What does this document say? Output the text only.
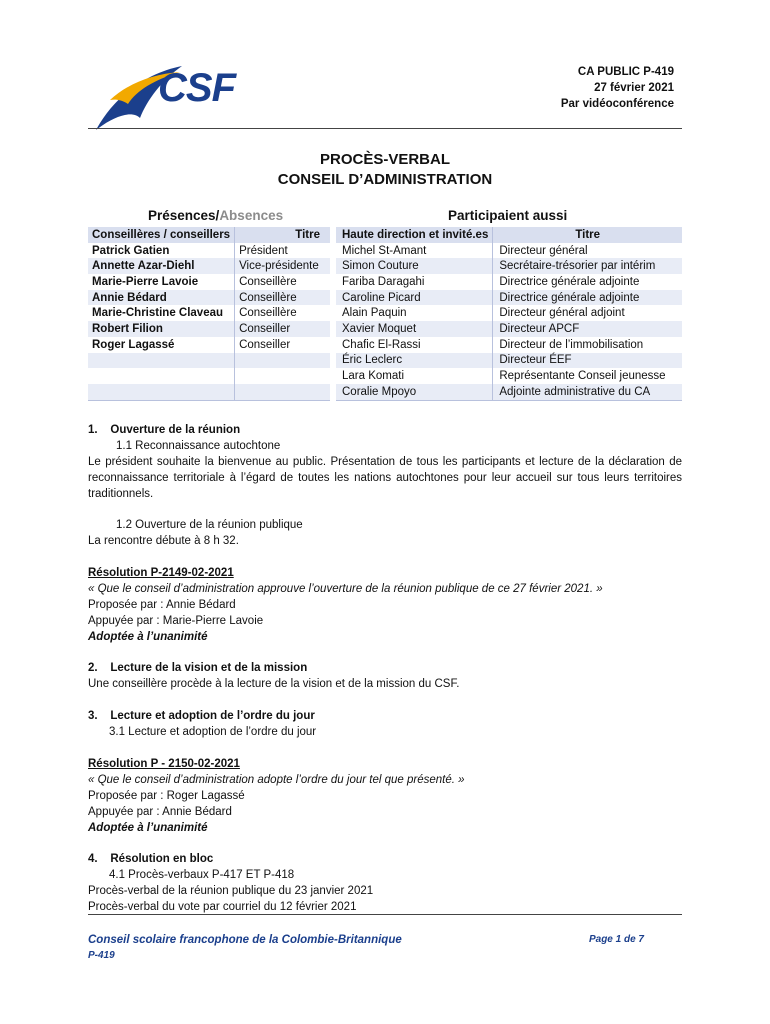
CSF	CA PUBLIC P-419
27 février 2021
Par vidéoconférence
PROCÈS-VERBAL
CONSEIL D’ADMINISTRATION
Présences/Absences	Participaient aussi
Conseillères / conseillers	Titre
Patrick Gatien	Président
Annette Azar-Diehl	Vice-présidente
Marie-Pierre Lavoie	Conseillère
Annie Bédard	Conseillère
Marie-Christine Claveau	Conseillère
Robert Filion	Conseiller
Roger Lagassé	Conseiller

Haute direction et invité.es	Titre
Michel St-Amant	Directeur général
Simon Couture	Secrétaire-trésorier par intérim
Fariba Daragahi	Directrice générale adjointe
Caroline Picard	Directrice générale adjointe
Alain Paquin	Directeur général adjoint
Xavier Moquet	Directeur APCF
Chafic El-Rassi	Directeur de l’immobilisation
Éric Leclerc	Directeur ÉEF
Lara Komati	Représentante Conseil jeunesse
Coralie Mpoyo	Adjointe administrative du CA
1.    Ouverture de la réunion
1.1 Reconnaissance autochtone
Le président souhaite la bienvenue au public. Présentation de tous les participants et lecture de la déclaration de reconnaissance territoriale à l’égard de toutes les nations autochtones pour leur accueil sur tous leurs territoires traditionnels.
1.2 Ouverture de la réunion publique
La rencontre débute à 8 h 32.
Résolution P-2149-02-2021
« Que le conseil d’administration approuve l’ouverture de la réunion publique de ce 27 février 2021. »
Proposée par : Annie Bédard
Appuyée par : Marie-Pierre Lavoie
Adoptée à l’unanimité
2.    Lecture de la vision et de la mission
Une conseillère procède à la lecture de la vision et de la mission du CSF.
3.    Lecture et adoption de l’ordre du jour
3.1 Lecture et adoption de l’ordre du jour
Résolution P - 2150-02-2021
« Que le conseil d’administration adopte l’ordre du jour tel que présenté. »
Proposée par : Roger Lagassé
Appuyée par : Annie Bédard
Adoptée à l’unanimité
4.    Résolution en bloc
4.1 Procès-verbaux P-417 ET P-418
Procès-verbal de la réunion publique du 23 janvier 2021
Procès-verbal du vote par courriel du 12 février 2021
Conseil scolaire francophone de la Colombie-Britannique
P-419
Page 1 de 7
